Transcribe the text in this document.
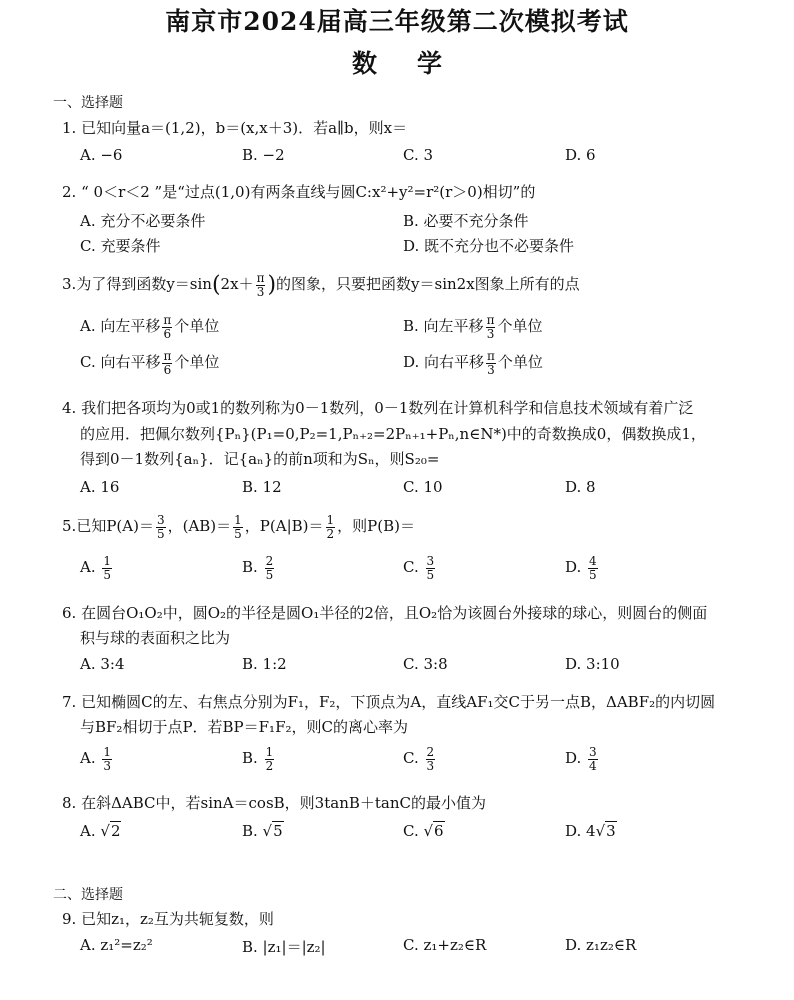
南京市2024届高三年级第二次模拟考试
数学
一、选择题
1. 已知向量a＝(1,2)，b＝(x,x＋3)．若a∥b，则x＝
A. −6	B. −2	C. 3	D. 6
2. “ 0＜r＜2 ”是“过点(1,0)有两条直线与圆C:x²+y²=r²(r＞0)相切”的
A. 充分不必要条件	B. 必要不充分条件
C. 充要条件	D. 既不充分也不必要条件
3.为了得到函数$y=\sin(2x+ \frac{\pi}{3}$ )的图象，只要把函数y＝sin2x图象上所有的点
A. 向左平移 $\frac{\pi}{6}$ 个单位	B. 向左平移 $\frac{\pi}{3}$ 个单位
C. 向右平移 $\frac{\pi}{6}$ 个单位	D. 向右平移 $\frac{\pi}{3}$ 个单位
4. 我们把各项均为0或1的数列称为0－1数列，0－1数列在计算机科学和信息技术领域有着广泛
的应用．把佩尔数列{Pₙ}(P₁=0,P₂=1,Pₙ₊₂=2Pₙ₊₁+Pₙ,n∈N*)中的奇数换成0，偶数换成1，
得到0－1数列{aₙ}．记{aₙ}的前n项和为Sₙ，则S₂₀=
A. 16	B. 12	C. 10	D. 8
5.已知$P(A)= \frac{3}{5}$ ，$(AB)= \frac{1}{5}$ ，$P(A|B)= \frac{1}{2}$ ，则P(B)＝
A. $\frac{1}{5}$	B. $\frac{2}{5}$	C. $\frac{3}{5}$	D. $\frac{4}{5}$
6. 在圆台O₁O₂中，圆O₂的半径是圆O₁半径的2倍，且O₂恰为该圆台外接球的球心，则圆台的侧面
积与球的表面积之比为
A. 3:4	B. 1:2	C. 3:8	D. 3:10
7. 已知椭圆C的左、右焦点分别为F₁，F₂，下顶点为A，直线AF₁交C于另一点B，ΔABF₂的内切圆
与BF₂相切于点P．若BP＝F₁F₂，则C的离心率为
A. $\frac{1}{3}$	B. $\frac{1}{2}$	C. $\frac{2}{3}$	D. $\frac{3}{4}$
8. 在斜ΔABC中，若sinA＝cosB，则3tanB＋tanC的最小值为
A. √2	B. √5	C. √6	D. 4√3
二、选择题
9. 已知z₁，z₂互为共轭复数，则
A. z₁²=z₂²	B. |z₁|＝|z₂|	C. z₁+z₂∈R	D. z₁z₂∈R
